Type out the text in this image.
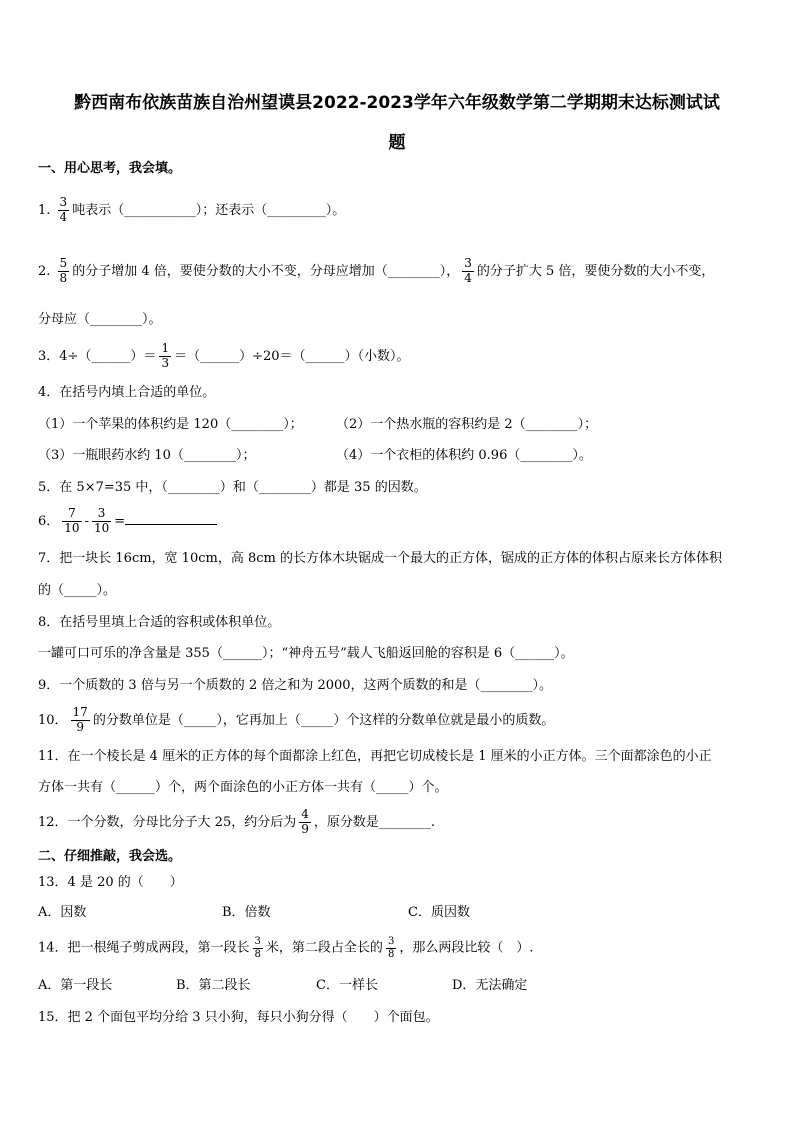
黔西南布依族苗族自治州望谟县2022-2023学年六年级数学第二学期期末达标测试试
题
一、用心思考，我会填。
1. $\frac{3}{4}$ 吨表示（___________）；还表示（_________）。
2. $\frac{5}{8}$ 的分子增加 4 倍，要使分数的大小不变，分母应增加（________）， $\frac{3}{4}$ 的分子扩大 5 倍，要使分数的大小不变，
分母应（________）。
3．4÷（______）＝ $\frac{1}{3}$ ＝（______）÷20＝（______）（小数）。
4．在括号内填上合适的单位。
（1）一个苹果的体积约是 120（________）；	（2）一个热水瓶的容积约是 2（________）；
（3）一瓶眼药水约 10（________）；	（4）一个衣柜的体积约 0.96（________）。
5．在 5×7=35 中，（________）和（________）都是 35 的因数。
6． $\frac{7}{10} - \frac{3}{10}$ =
7．把一块长 16cm，宽 10cm，高 8cm 的长方体木块锯成一个最大的正方体，锯成的正方体的体积占原来长方体体积
的（_____）。
8．在括号里填上合适的容积或体积单位。
一罐可口可乐的净含量是 355（______）；“神舟五号”载人飞船返回舱的容积是 6（______）。
9．一个质数的 3 倍与另一个质数的 2 倍之和为 2000，这两个质数的和是（________）。
10． $\frac{17}{9}$ 的分数单位是（_____），它再加上（_____）个这样的分数单位就是最小的质数。
11．在一个棱长是 4 厘米的正方体的每个面都涂上红色，再把它切成棱长是 1 厘米的小正方体。三个面都涂色的小正
方体一共有（______）个，两个面涂色的小正方体一共有（_____）个。
12．一个分数，分母比分子大 25，约分后为 $\frac{4}{9}$ ，原分数是________.
二、仔细推敲，我会选。
13．4 是 20 的（　　）
A．因数	B．倍数	C．质因数
14．把一根绳子剪成两段，第一段长 $\frac{3}{8}$ 米，第二段占全长的 $\frac{3}{8}$ ，那么两段比较（　）.
A．第一段长	B．第二段长	C．一样长	D．无法确定
15．把 2 个面包平均分给 3 只小狗，每只小狗分得（　　）个面包。
